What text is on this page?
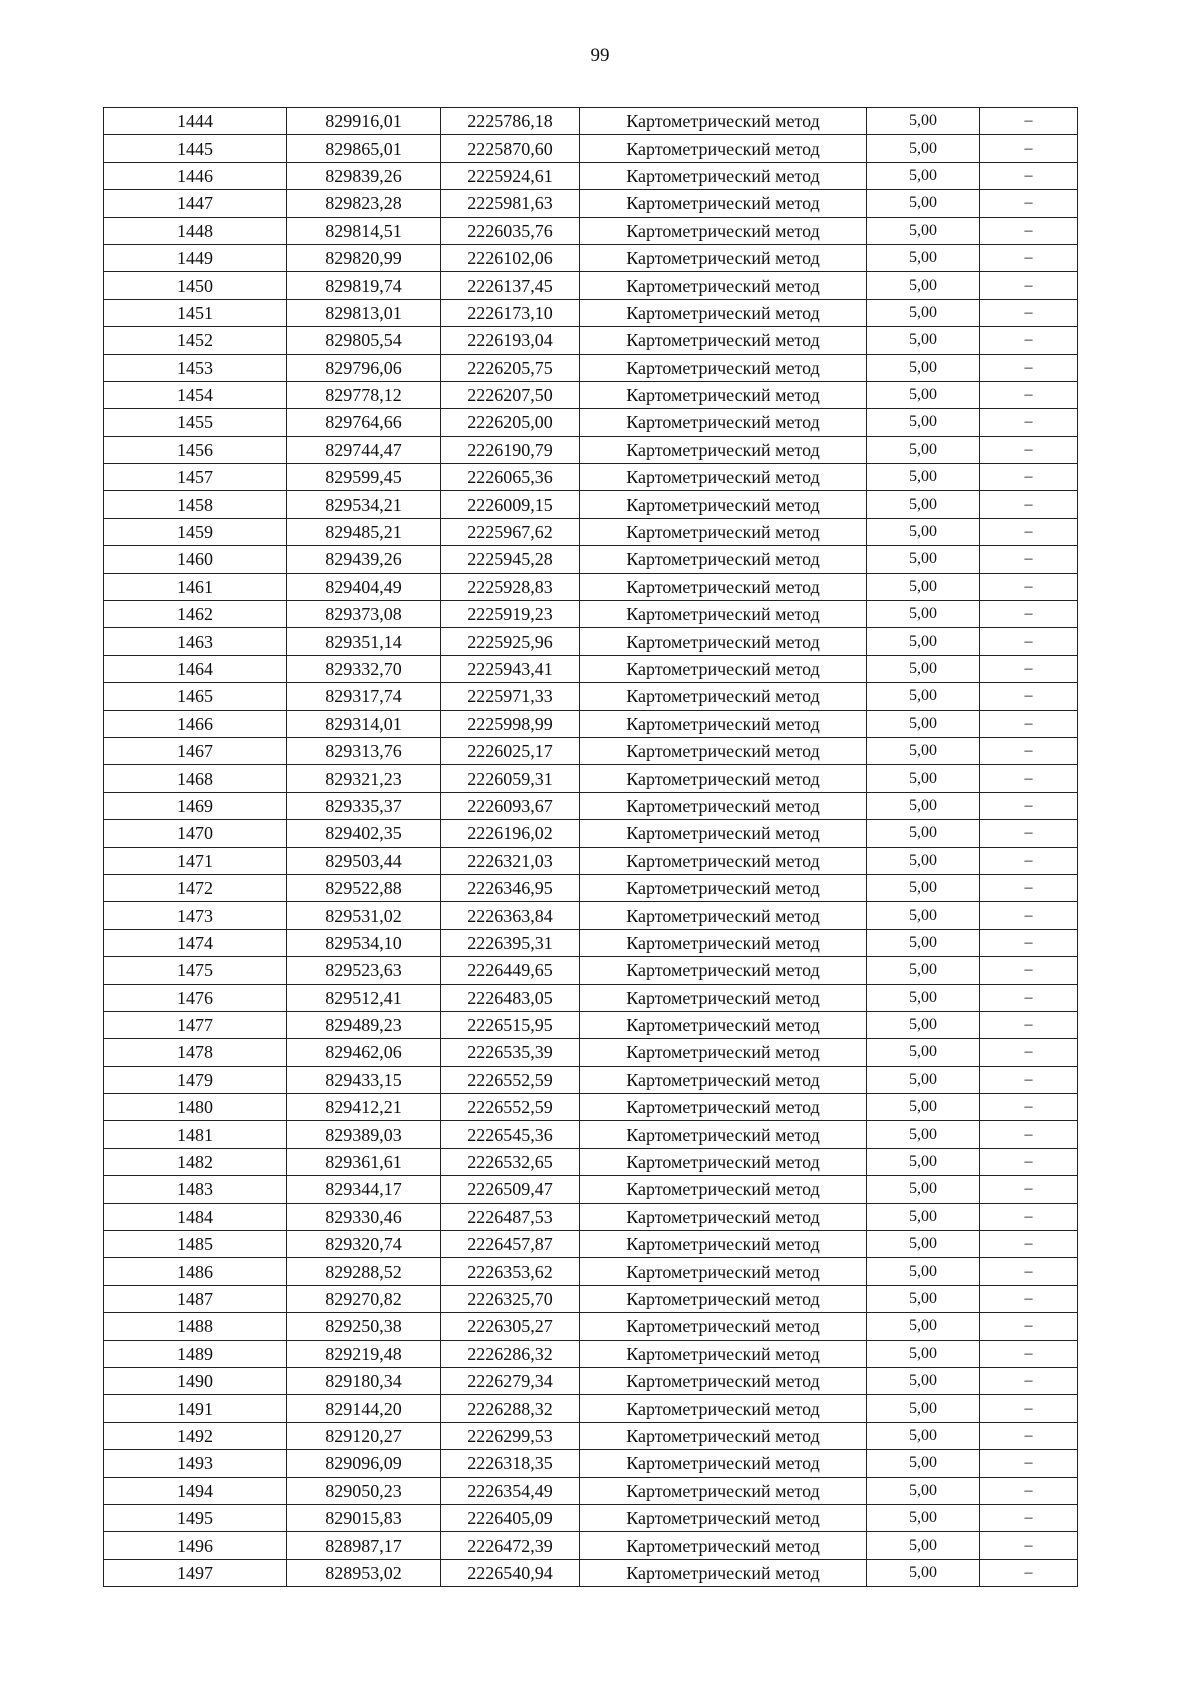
99
1444	829916,01	2225786,18	Картометрический метод	5,00	–
1445	829865,01	2225870,60	Картометрический метод	5,00	–
1446	829839,26	2225924,61	Картометрический метод	5,00	–
1447	829823,28	2225981,63	Картометрический метод	5,00	–
1448	829814,51	2226035,76	Картометрический метод	5,00	–
1449	829820,99	2226102,06	Картометрический метод	5,00	–
1450	829819,74	2226137,45	Картометрический метод	5,00	–
1451	829813,01	2226173,10	Картометрический метод	5,00	–
1452	829805,54	2226193,04	Картометрический метод	5,00	–
1453	829796,06	2226205,75	Картометрический метод	5,00	–
1454	829778,12	2226207,50	Картометрический метод	5,00	–
1455	829764,66	2226205,00	Картометрический метод	5,00	–
1456	829744,47	2226190,79	Картометрический метод	5,00	–
1457	829599,45	2226065,36	Картометрический метод	5,00	–
1458	829534,21	2226009,15	Картометрический метод	5,00	–
1459	829485,21	2225967,62	Картометрический метод	5,00	–
1460	829439,26	2225945,28	Картометрический метод	5,00	–
1461	829404,49	2225928,83	Картометрический метод	5,00	–
1462	829373,08	2225919,23	Картометрический метод	5,00	–
1463	829351,14	2225925,96	Картометрический метод	5,00	–
1464	829332,70	2225943,41	Картометрический метод	5,00	–
1465	829317,74	2225971,33	Картометрический метод	5,00	–
1466	829314,01	2225998,99	Картометрический метод	5,00	–
1467	829313,76	2226025,17	Картометрический метод	5,00	–
1468	829321,23	2226059,31	Картометрический метод	5,00	–
1469	829335,37	2226093,67	Картометрический метод	5,00	–
1470	829402,35	2226196,02	Картометрический метод	5,00	–
1471	829503,44	2226321,03	Картометрический метод	5,00	–
1472	829522,88	2226346,95	Картометрический метод	5,00	–
1473	829531,02	2226363,84	Картометрический метод	5,00	–
1474	829534,10	2226395,31	Картометрический метод	5,00	–
1475	829523,63	2226449,65	Картометрический метод	5,00	–
1476	829512,41	2226483,05	Картометрический метод	5,00	–
1477	829489,23	2226515,95	Картометрический метод	5,00	–
1478	829462,06	2226535,39	Картометрический метод	5,00	–
1479	829433,15	2226552,59	Картометрический метод	5,00	–
1480	829412,21	2226552,59	Картометрический метод	5,00	–
1481	829389,03	2226545,36	Картометрический метод	5,00	–
1482	829361,61	2226532,65	Картометрический метод	5,00	–
1483	829344,17	2226509,47	Картометрический метод	5,00	–
1484	829330,46	2226487,53	Картометрический метод	5,00	–
1485	829320,74	2226457,87	Картометрический метод	5,00	–
1486	829288,52	2226353,62	Картометрический метод	5,00	–
1487	829270,82	2226325,70	Картометрический метод	5,00	–
1488	829250,38	2226305,27	Картометрический метод	5,00	–
1489	829219,48	2226286,32	Картометрический метод	5,00	–
1490	829180,34	2226279,34	Картометрический метод	5,00	–
1491	829144,20	2226288,32	Картометрический метод	5,00	–
1492	829120,27	2226299,53	Картометрический метод	5,00	–
1493	829096,09	2226318,35	Картометрический метод	5,00	–
1494	829050,23	2226354,49	Картометрический метод	5,00	–
1495	829015,83	2226405,09	Картометрический метод	5,00	–
1496	828987,17	2226472,39	Картометрический метод	5,00	–
1497	828953,02	2226540,94	Картометрический метод	5,00	–
